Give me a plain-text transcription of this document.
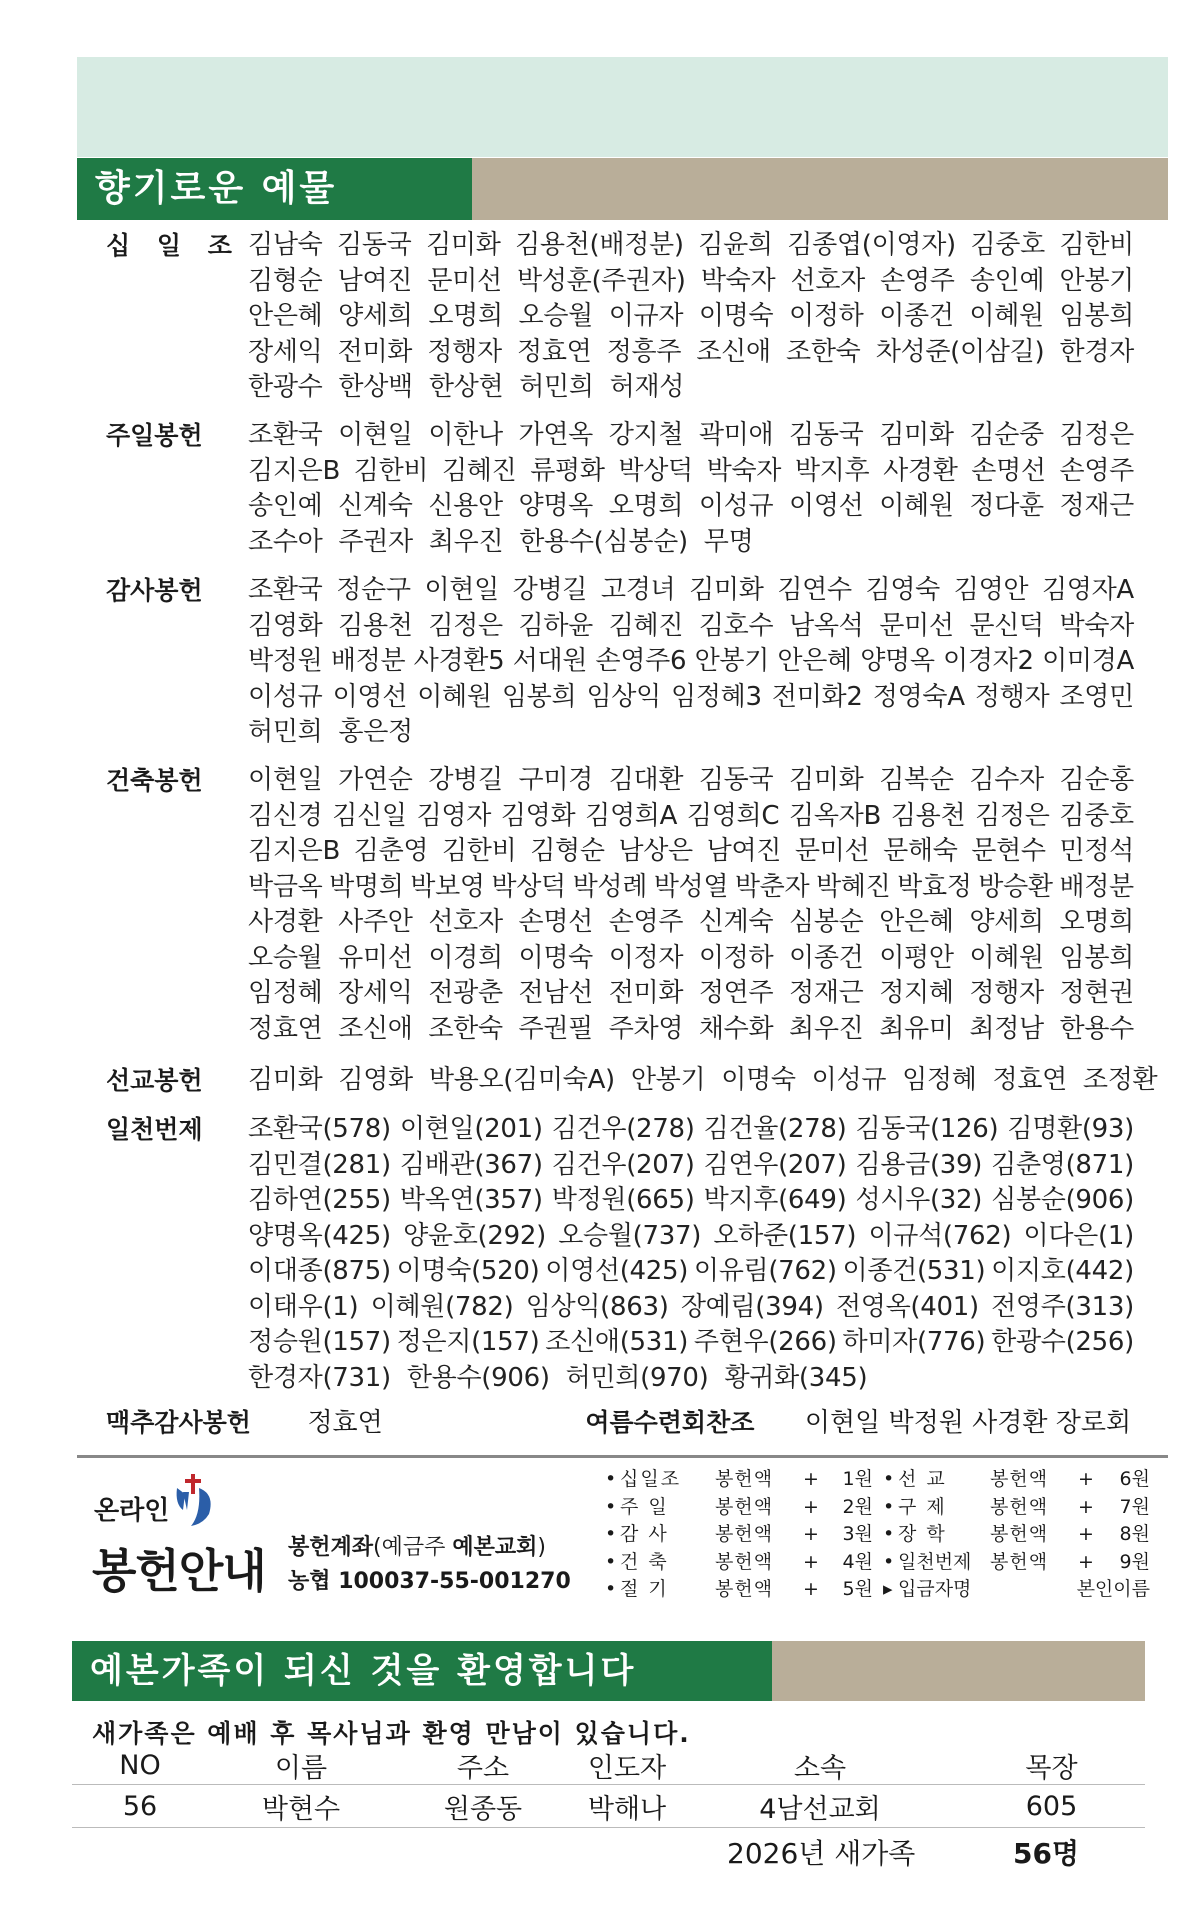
향기로운 예물
십 일 조 김남숙 김동국 김미화 김용천(배정분) 김윤희 김종엽(이영자) 김중호 김한비
김형순 남여진 문미선 박성훈(주권자) 박숙자 선호자 손영주 송인예 안봉기
안은혜 양세희 오명희 오승월 이규자 이명숙 이정하 이종건 이혜원 임봉희
장세익 전미화 정행자 정효연 정흥주 조신애 조한숙 차성준(이삼길) 한경자
한광수 한상백 한상현 허민희 허재성
주일봉헌 조환국 이현일 이한나 가연옥 강지철 곽미애 김동국 김미화 김순중 김정은
김지은B 김한비 김혜진 류평화 박상덕 박숙자 박지후 사경환 손명선 손영주
송인예 신계숙 신용안 양명옥 오명희 이성규 이영선 이혜원 정다훈 정재근
조수아 주권자 최우진 한용수(심봉순) 무명
감사봉헌 조환국 정순구 이현일 강병길 고경녀 김미화 김연수 김영숙 김영안 김영자A
김영화 김용천 김정은 김하윤 김혜진 김호수 남옥석 문미선 문신덕 박숙자
박정원 배정분 사경환5 서대원 손영주6 안봉기 안은혜 양명옥 이경자2 이미경A
이성규 이영선 이혜원 임봉희 임상익 임정혜3 전미화2 정영숙A 정행자 조영민
허민희 홍은정
건축봉헌 이현일 가연순 강병길 구미경 김대환 김동국 김미화 김복순 김수자 김순홍
김신경 김신일 김영자 김영화 김영희A 김영희C 김옥자B 김용천 김정은 김중호
김지은B 김춘영 김한비 김형순 남상은 남여진 문미선 문해숙 문현수 민정석
박금옥 박명희 박보영 박상덕 박성례 박성열 박춘자 박혜진 박효정 방승환 배정분
사경환 사주안 선호자 손명선 손영주 신계숙 심봉순 안은혜 양세희 오명희
오승월 유미선 이경희 이명숙 이정자 이정하 이종건 이평안 이혜원 임봉희
임정혜 장세익 전광춘 전남선 전미화 정연주 정재근 정지혜 정행자 정현권
정효연 조신애 조한숙 주권필 주차영 채수화 최우진 최유미 최정남 한용수
선교봉헌 김미화 김영화 박용오(김미숙A) 안봉기 이명숙 이성규 임정혜 정효연 조정환
일천번제 조환국(578) 이현일(201) 김건우(278) 김건율(278) 김동국(126) 김명환(93)
김민결(281) 김배관(367) 김건우(207) 김연우(207) 김용금(39) 김춘영(871)
김하연(255) 박옥연(357) 박정원(665) 박지후(649) 성시우(32) 심봉순(906)
양명옥(425) 양윤호(292) 오승월(737) 오하준(157) 이규석(762) 이다은(1)
이대종(875) 이명숙(520) 이영선(425) 이유림(762) 이종건(531) 이지호(442)
이태우(1) 이혜원(782) 임상익(863) 장예림(394) 전영옥(401) 전영주(313)
정승원(157) 정은지(157) 조신애(531) 주현우(266) 하미자(776) 한광수(256)
한경자(731) 한용수(906) 허민희(970) 황귀화(345)
맥추감사봉헌 정효연	여름수련회찬조 이현일 박정원 사경환 장로회
온라인
봉헌안내 봉헌계좌(예금주 예본교회)
농협 100037-55-001270
• 십일조	봉헌액	+	1원 • 선 교	봉헌액	+	6원
• 주 일	봉헌액	+	2원 • 구 제	봉헌액	+	7원
• 감 사	봉헌액	+	3원 • 장 학	봉헌액	+	8원
• 건 축	봉헌액	+	4원 • 일천번제 봉헌액	+	9원
• 절 기	봉헌액	+	5원 ▸ 입금자명	본인이름
예본가족이 되신 것을 환영합니다
새가족은 예배 후 목사님과 환영 만남이 있습니다.
NO	이름	주소	인도자	소속	목장
56	박현수	원종동	박해나	4남선교회	605
2026년 새가족	56명
